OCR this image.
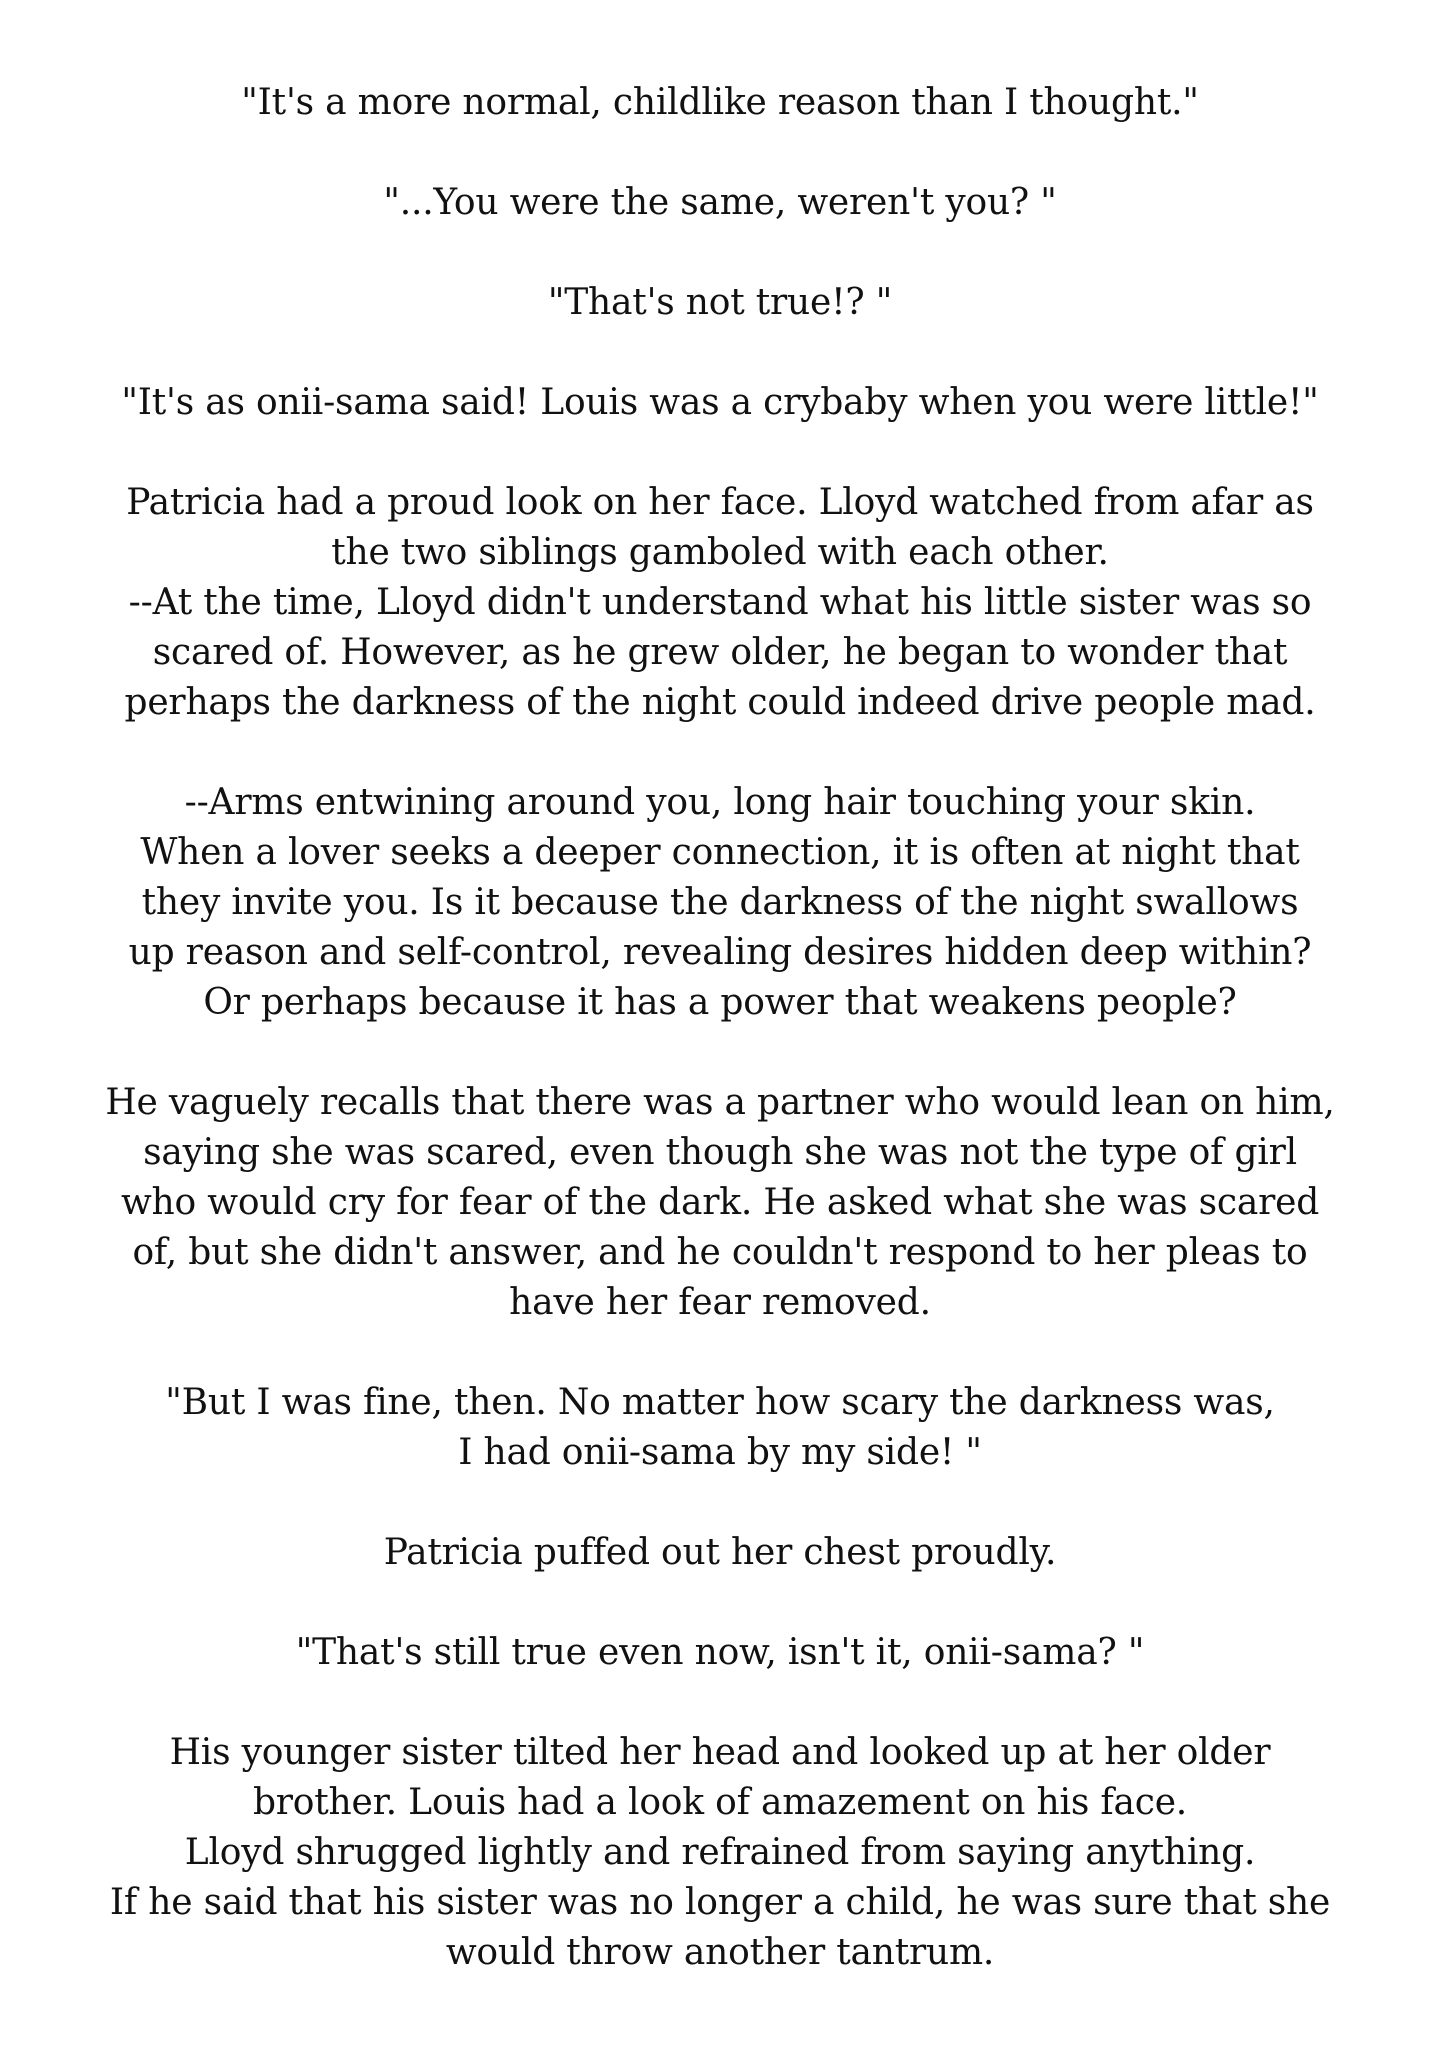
"It's a more normal, childlike reason than I thought."

"...You were the same, weren't you? "

"That's not true!? "

"It's as onii-sama said! Louis was a crybaby when you were little!"

Patricia had a proud look on her face. Lloyd watched from afar as
the two siblings gamboled with each other.
--At the time, Lloyd didn't understand what his little sister was so
scared of. However, as he grew older, he began to wonder that
perhaps the darkness of the night could indeed drive people mad.

--Arms entwining around you, long hair touching your skin.
When a lover seeks a deeper connection, it is often at night that
they invite you. Is it because the darkness of the night swallows
up reason and self-control, revealing desires hidden deep within?
Or perhaps because it has a power that weakens people?

He vaguely recalls that there was a partner who would lean on him,
saying she was scared, even though she was not the type of girl
who would cry for fear of the dark. He asked what she was scared
of, but she didn't answer, and he couldn't respond to her pleas to
have her fear removed.

"But I was fine, then. No matter how scary the darkness was,
I had onii-sama by my side! "

Patricia puffed out her chest proudly.

"That's still true even now, isn't it, onii-sama? "

His younger sister tilted her head and looked up at her older
brother. Louis had a look of amazement on his face.
Lloyd shrugged lightly and refrained from saying anything.
If he said that his sister was no longer a child, he was sure that she
would throw another tantrum.
